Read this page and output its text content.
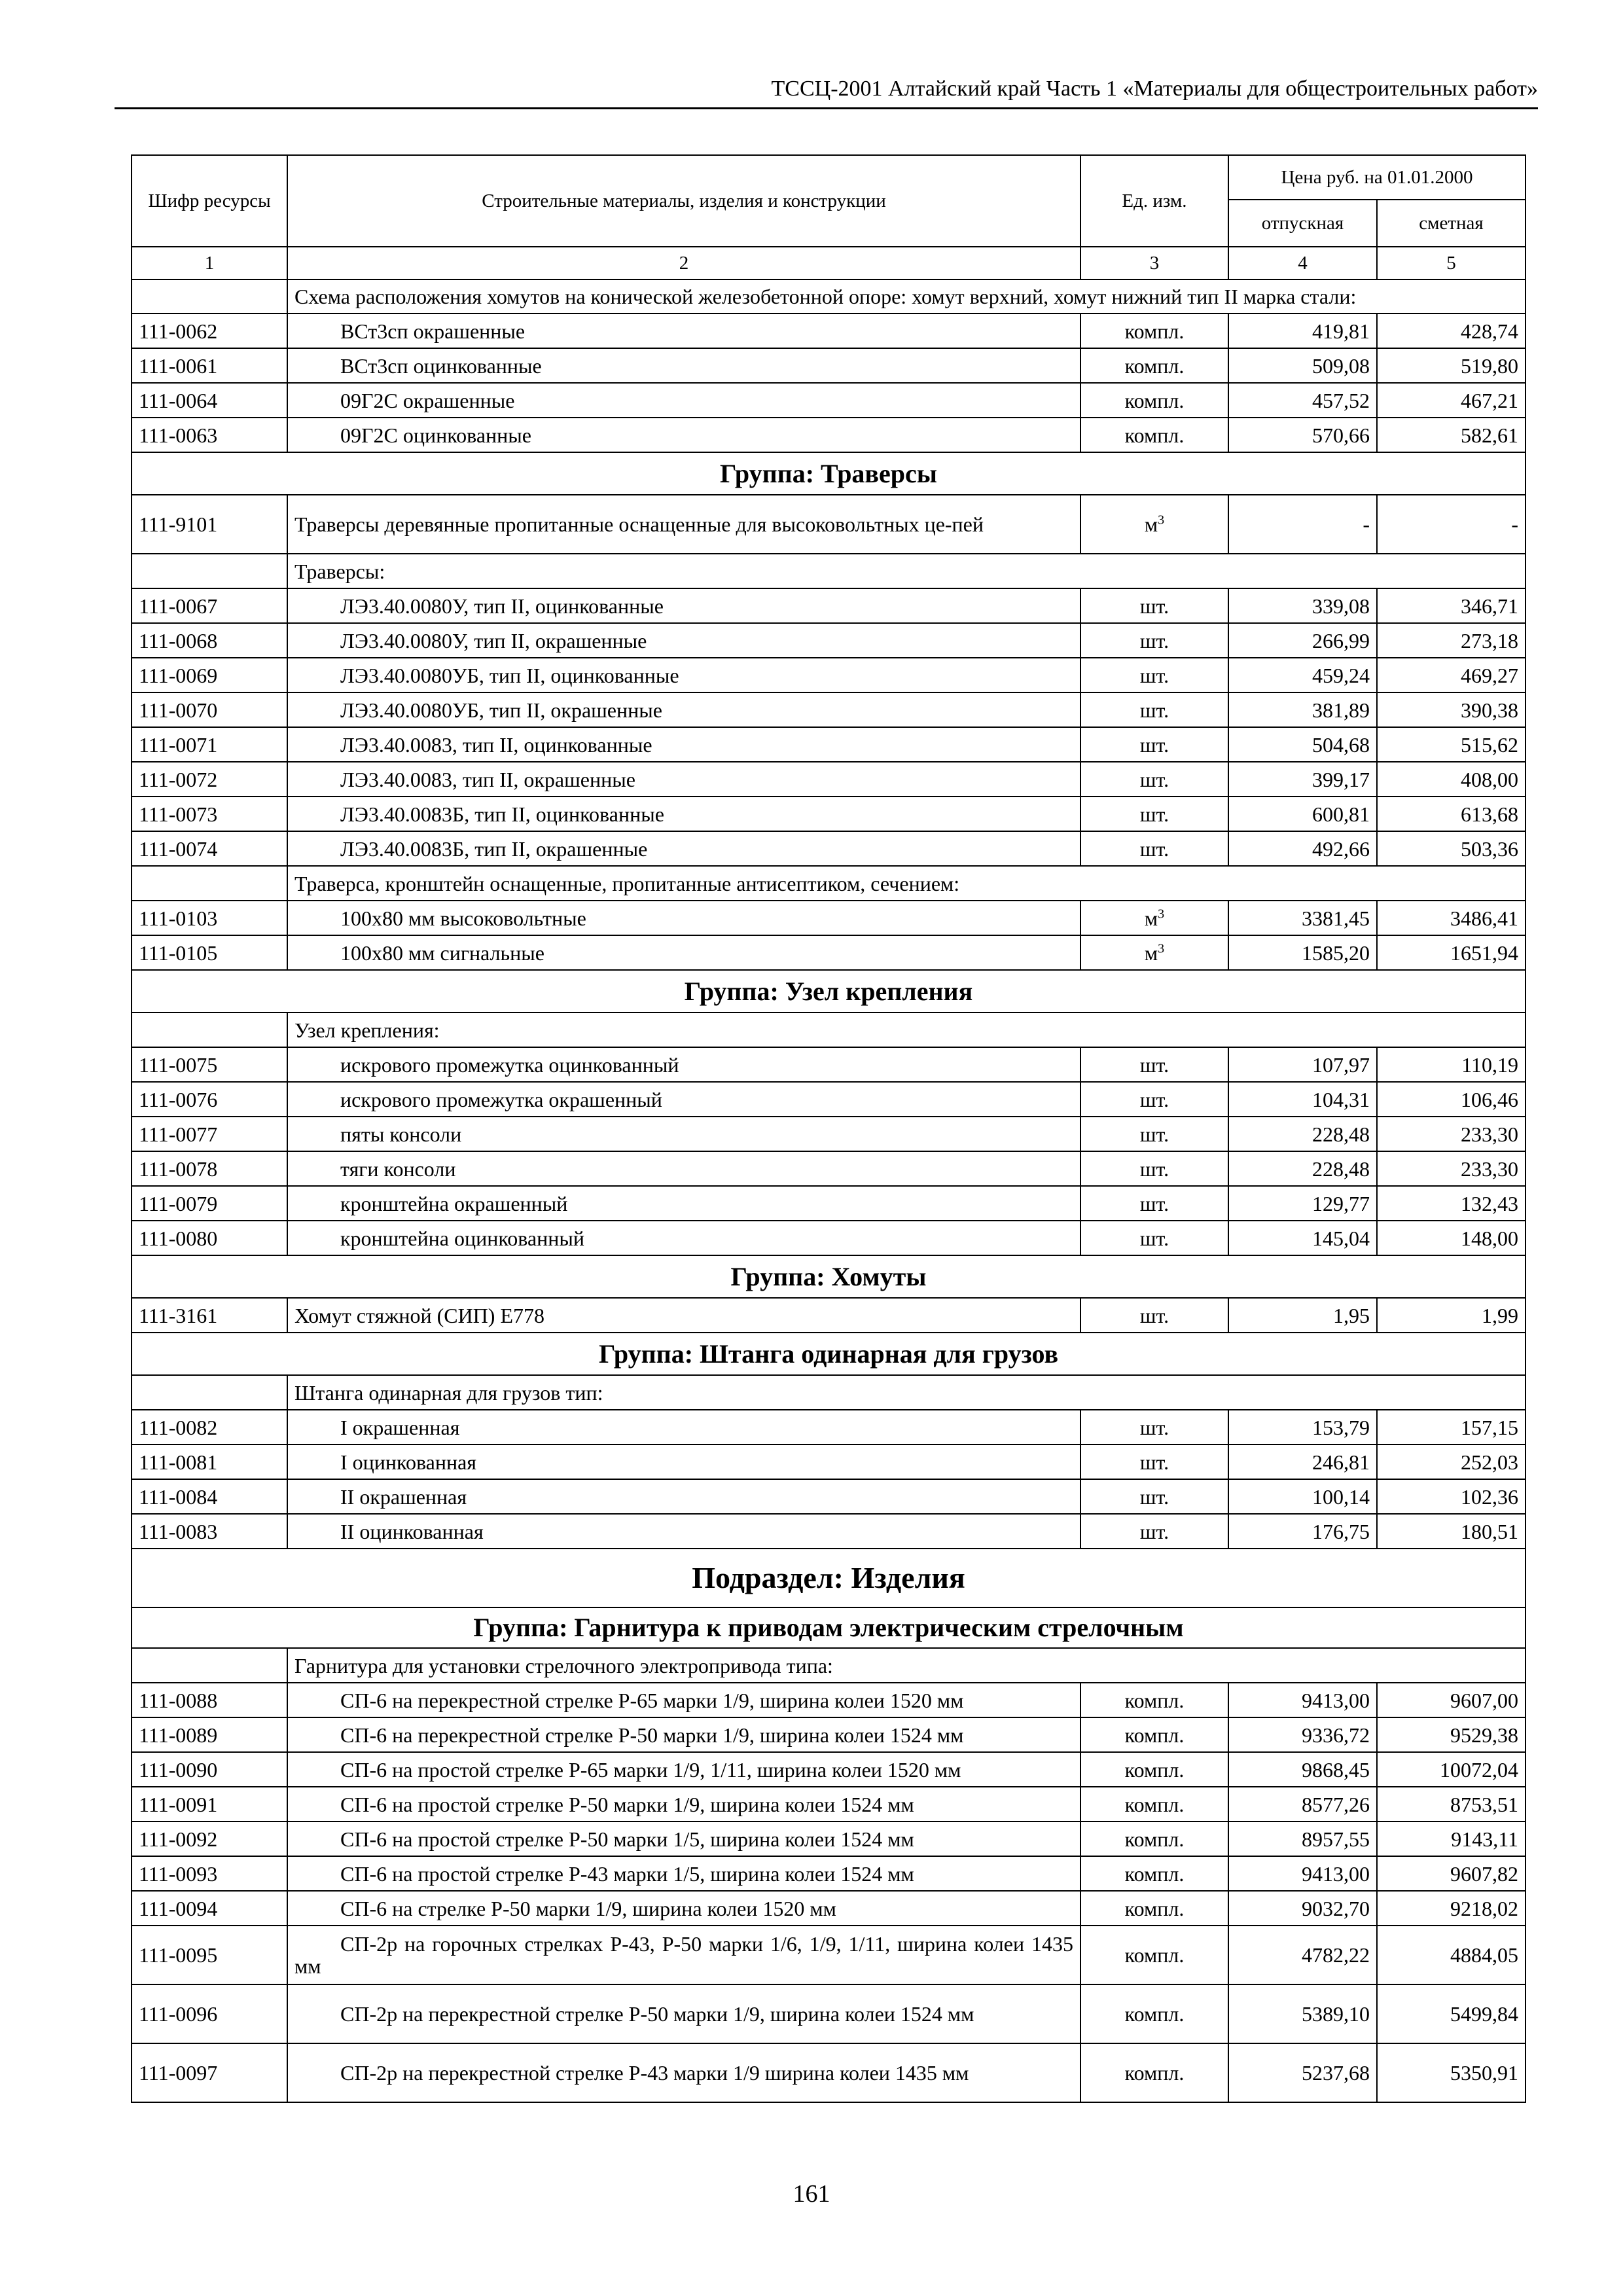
ТССЦ-2001 Алтайский край Часть 1 «Материалы для общестроительных работ»
Шифр ресурсы	Строительные материалы, изделия и конструкции	Ед. изм.	Цена руб. на 01.01.2000	
			отпускная	сметная
1	2	3	4	5
	Схема расположения хомутов на конической железобетонной опоре: хомут верхний, хомут нижний тип II марка стали:			
111-0062	ВСт3сп окрашенные	компл.	419,81	428,74
111-0061	ВСт3сп оцинкованные	компл.	509,08	519,80
111-0064	09Г2С окрашенные	компл.	457,52	467,21
111-0063	09Г2С оцинкованные	компл.	570,66	582,61
Группа: Траверсы				
111-9101	Траверсы деревянные пропитанные оснащенные для высоковольтных це-пей	$м^3$	-	-
	Траверсы:			
111-0067	ЛЭ3.40.0080У, тип II, оцинкованные	шт.	339,08	346,71
111-0068	ЛЭ3.40.0080У, тип II, окрашенные	шт.	266,99	273,18
111-0069	ЛЭ3.40.0080УБ, тип II, оцинкованные	шт.	459,24	469,27
111-0070	ЛЭ3.40.0080УБ, тип II, окрашенные	шт.	381,89	390,38
111-0071	ЛЭ3.40.0083, тип II, оцинкованные	шт.	504,68	515,62
111-0072	ЛЭ3.40.0083, тип II, окрашенные	шт.	399,17	408,00
111-0073	ЛЭ3.40.0083Б, тип II, оцинкованные	шт.	600,81	613,68
111-0074	ЛЭ3.40.0083Б, тип II, окрашенные	шт.	492,66	503,36
	Траверса, кронштейн оснащенные, пропитанные антисептиком, сечением:			
111-0103	100х80 мм высоковольтные	$м^3$	3381,45	3486,41
111-0105	100х80 мм сигнальные	$м^3$	1585,20	1651,94
Группа: Узел крепления				
	Узел крепления:			
111-0075	искрового промежутка оцинкованный	шт.	107,97	110,19
111-0076	искрового промежутка окрашенный	шт.	104,31	106,46
111-0077	пяты консоли	шт.	228,48	233,30
111-0078	тяги консоли	шт.	228,48	233,30
111-0079	кронштейна окрашенный	шт.	129,77	132,43
111-0080	кронштейна оцинкованный	шт.	145,04	148,00
Группа: Хомуты				
111-3161	Хомут стяжной (СИП) Е778	шт.	1,95	1,99
Группа: Штанга одинарная для грузов				
	Штанга одинарная для грузов тип:			
111-0082	I окрашенная	шт.	153,79	157,15
111-0081	I оцинкованная	шт.	246,81	252,03
111-0084	II окрашенная	шт.	100,14	102,36
111-0083	II оцинкованная	шт.	176,75	180,51
Подраздел: Изделия				
Группа: Гарнитура к приводам электрическим стрелочным				
	Гарнитура для установки стрелочного электропривода типа:			
111-0088	СП-6 на перекрестной стрелке Р-65 марки 1/9, ширина колеи 1520 мм	компл.	9413,00	9607,00
111-0089	СП-6 на перекрестной стрелке Р-50 марки 1/9, ширина колеи 1524 мм	компл.	9336,72	9529,38
111-0090	СП-6 на простой стрелке Р-65 марки 1/9, 1/11, ширина колеи 1520 мм	компл.	9868,45	10072,04
111-0091	СП-6 на простой стрелке Р-50 марки 1/9, ширина колеи 1524 мм	компл.	8577,26	8753,51
111-0092	СП-6 на простой стрелке Р-50 марки 1/5, ширина колеи 1524 мм	компл.	8957,55	9143,11
111-0093	СП-6 на простой стрелке Р-43 марки 1/5, ширина колеи 1524 мм	компл.	9413,00	9607,82
111-0094	СП-6 на стрелке Р-50 марки 1/9, ширина колеи 1520 мм	компл.	9032,70	9218,02
111-0095	СП-2р на горочных стрелках Р-43, Р-50 марки 1/6, 1/9, 1/11, ширина колеи 1435 мм	компл.	4782,22	4884,05
111-0096	СП-2р на перекрестной стрелке Р-50 марки 1/9, ширина колеи 1524 мм	компл.	5389,10	5499,84
111-0097	СП-2р на перекрестной стрелке Р-43 марки 1/9 ширина колеи 1435 мм	компл.	5237,68	5350,91
161
